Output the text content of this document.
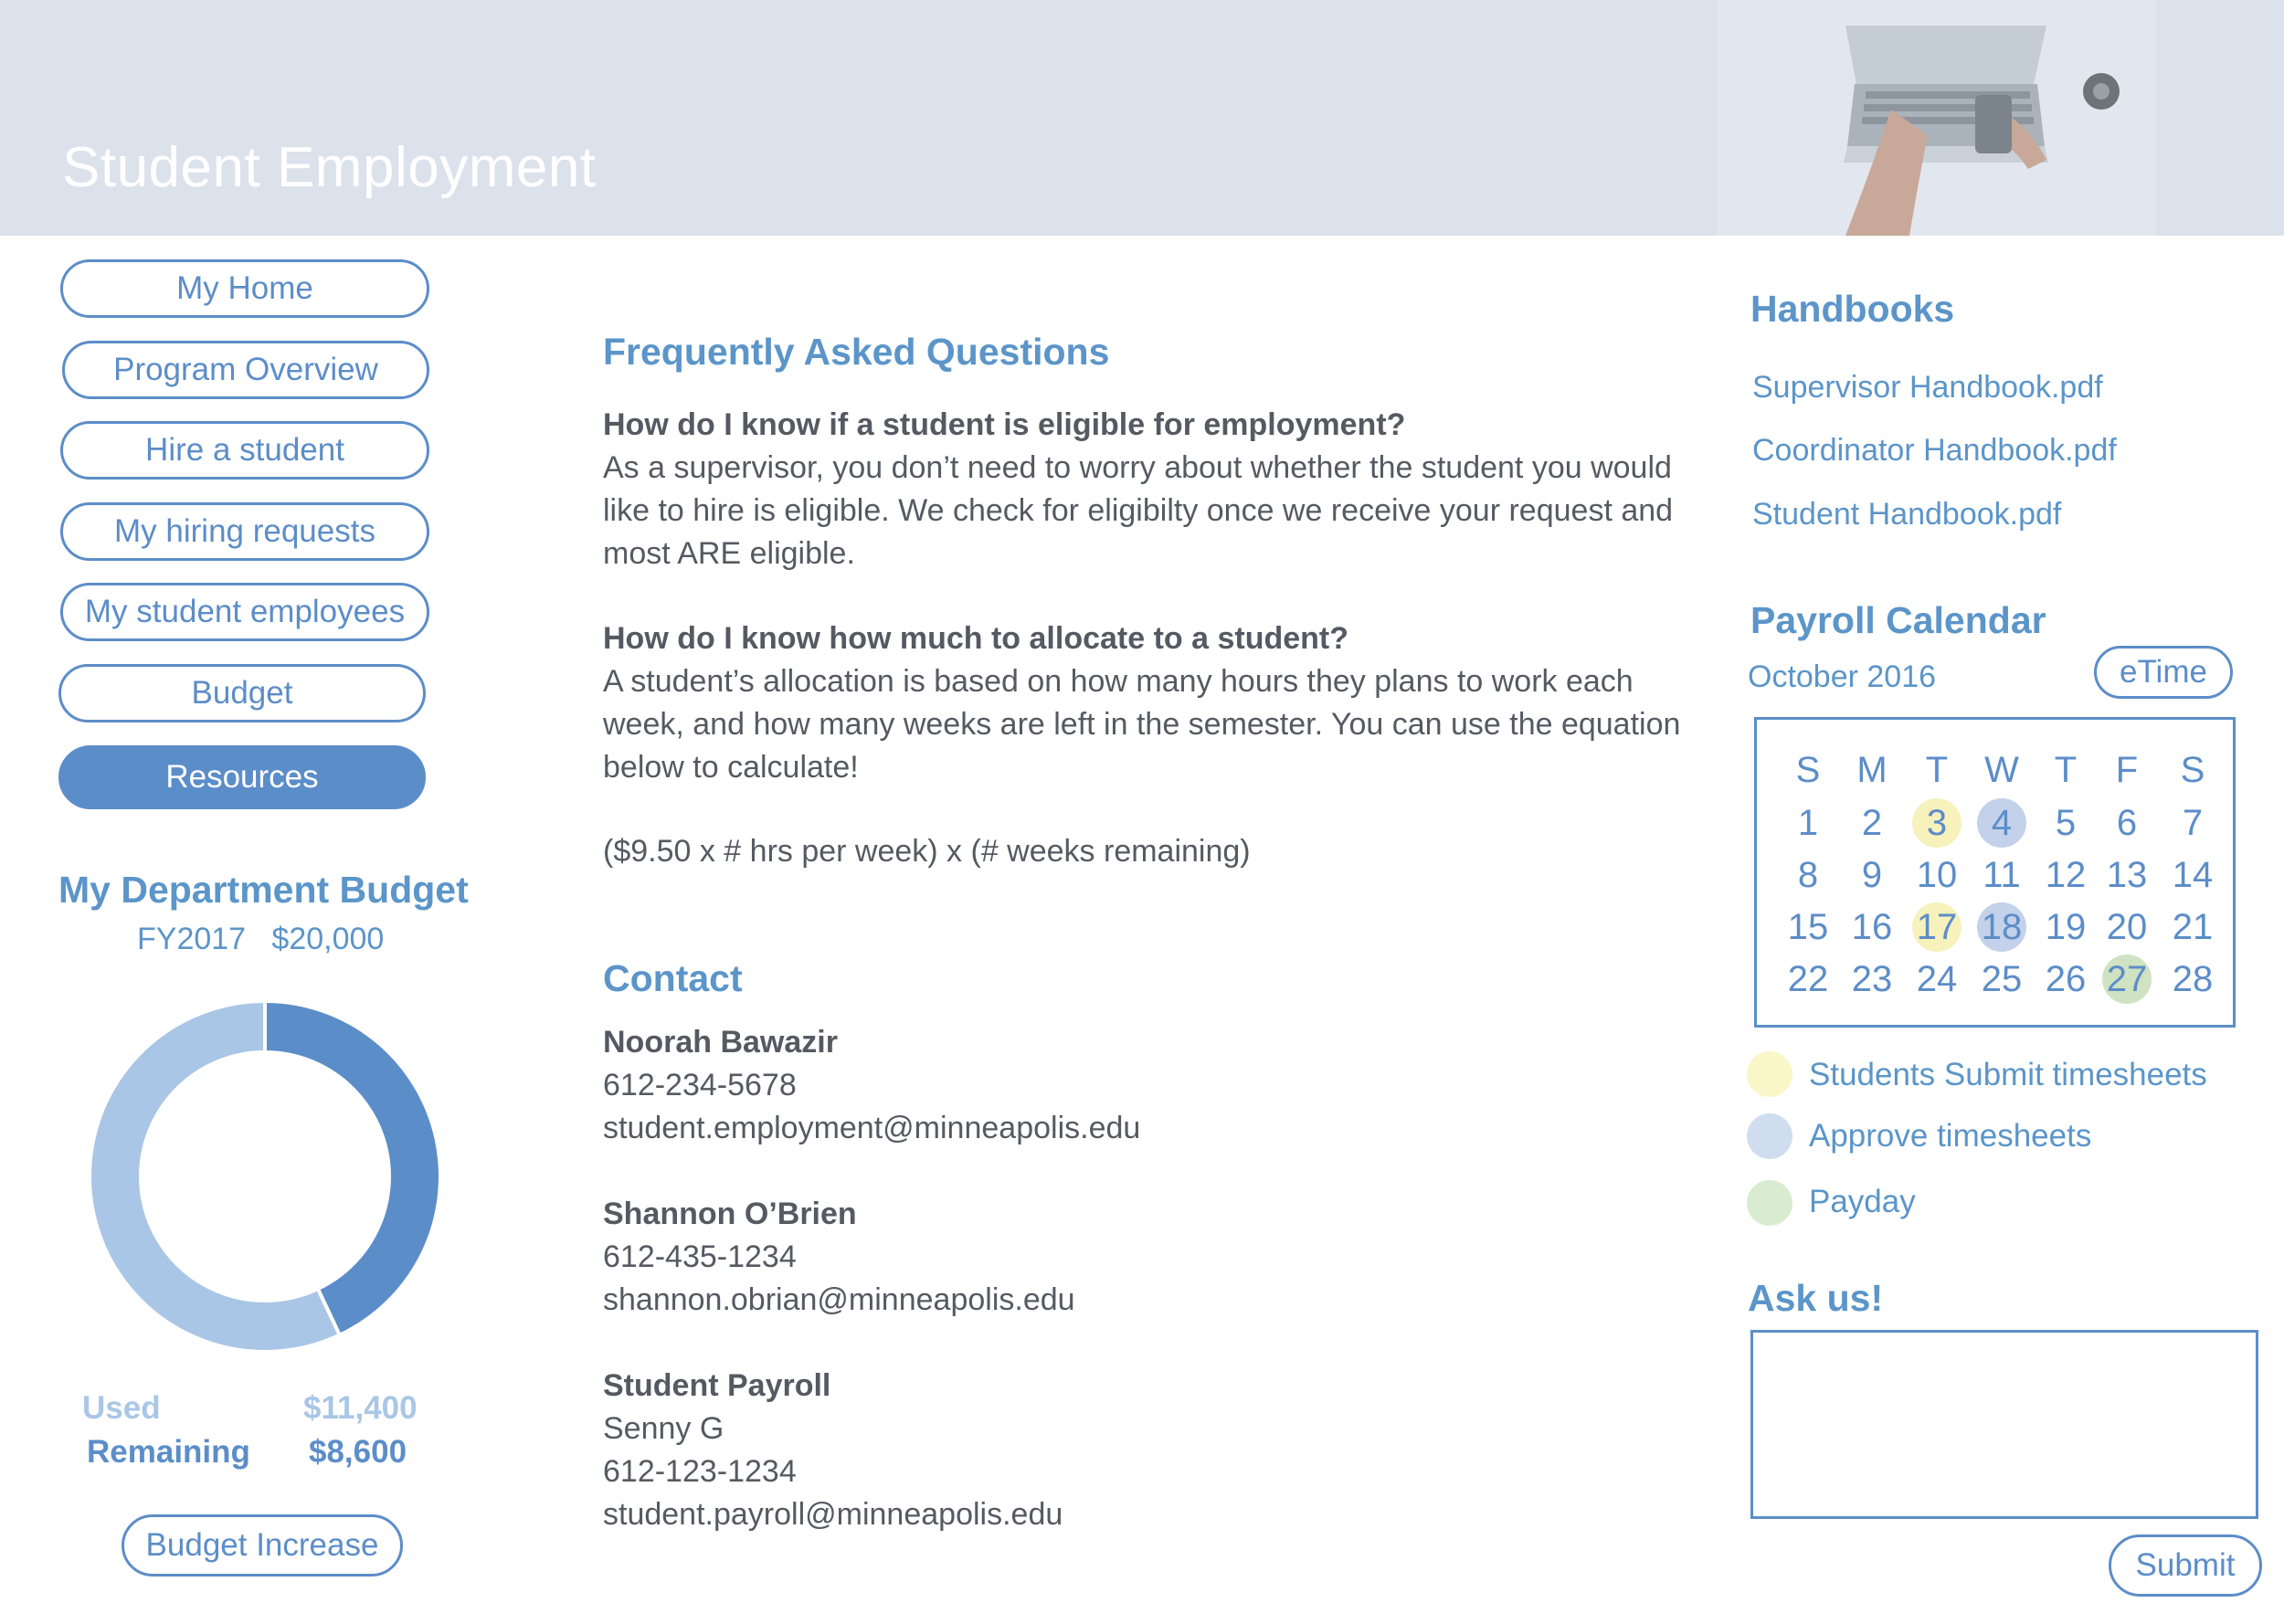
Student Employment
My Home
Program Overview
Hire a student
My hiring requests
My student employees
Budget
Resources
My Department Budget
FY2017   $20,000
Used	$11,400
Remaining $8,600
Budget Increase
Frequently Asked Questions
How do I know if a student is eligible for employment?
As a supervisor, you don’t need to worry about whether the student you would like to hire is eligible. We check for eligibilty once we receive your request and most ARE eligible.
How do I know how much to allocate to a student?
A student’s allocation is based on how many hours they plans to work each week, and how many weeks are left in the semester. You can use the equation below to calculate!
($9.50 x # hrs per week) x (# weeks remaining)
Contact
Noorah Bawazir
612-234-5678
student.employment@minneapolis.edu
Shannon O’Brien
612-435-1234
shannon.obrian@minneapolis.edu
Student Payroll
Senny G
612-123-1234
student.payroll@minneapolis.edu
Handbooks
Supervisor Handbook.pdf
Coordinator Handbook.pdf
Student Handbook.pdf
Payroll Calendar
October 2016	eTime
S M	T W T	F	S
1	2	3	4	5	6	7
8	9 10 11 12 13 14
15 16 17 18 19 20 21
22 23 24 25 26 27 28
Students Submit timesheets
Approve timesheets
Payday
Ask us!
Submit
